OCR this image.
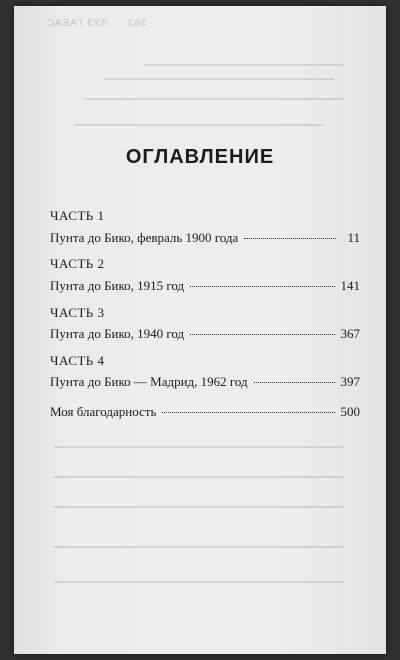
362     ЛУЗ ГАБАС
ОГЛАВЛЕНИЕ
ЧАСТЬ 1
Пунта до Бико, февраль 1900 года	11
ЧАСТЬ 2
Пунта до Бико, 1915 год	141
ЧАСТЬ 3
Пунта до Бико, 1940 год	367
ЧАСТЬ 4
Пунта до Бико — Мадрид, 1962 год	397
Моя благодарность	500
